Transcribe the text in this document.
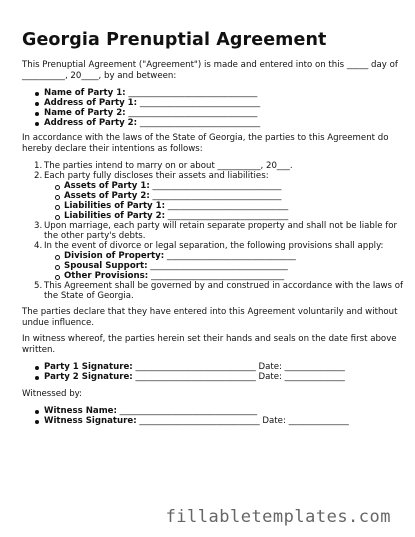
Georgia Prenuptial Agreement
This Prenuptial Agreement ("Agreement") is made and entered into on this _____ day of
__________, 20____, by and between:
Name of Party 1: ______________________________
Address of Party 1: ____________________________
Name of Party 2: ______________________________
Address of Party 2: ____________________________
In accordance with the laws of the State of Georgia, the parties to this Agreement do
hereby declare their intentions as follows:
1. The parties intend to marry on or about __________, 20___.
2. Each party fully discloses their assets and liabilities:
Assets of Party 1: ______________________________
Assets of Party 2: ______________________________
Liabilities of Party 1: ____________________________
Liabilities of Party 2: ____________________________
3. Upon marriage, each party will retain separate property and shall not be liable for
the other party's debts.
4. In the event of divorce or legal separation, the following provisions shall apply:
Division of Property: ______________________________
Spousal Support: ________________________________
Other Provisions: _______________________________
5. This Agreement shall be governed by and construed in accordance with the laws of
the State of Georgia.
The parties declare that they have entered into this Agreement voluntarily and without
undue influence.
In witness whereof, the parties herein set their hands and seals on the date first above
written.
Party 1 Signature: ____________________________ Date: ______________
Party 2 Signature: ____________________________ Date: ______________
Witnessed by:
Witness Name: ________________________________
Witness Signature: ____________________________ Date: ______________
fillabletemplates.com
